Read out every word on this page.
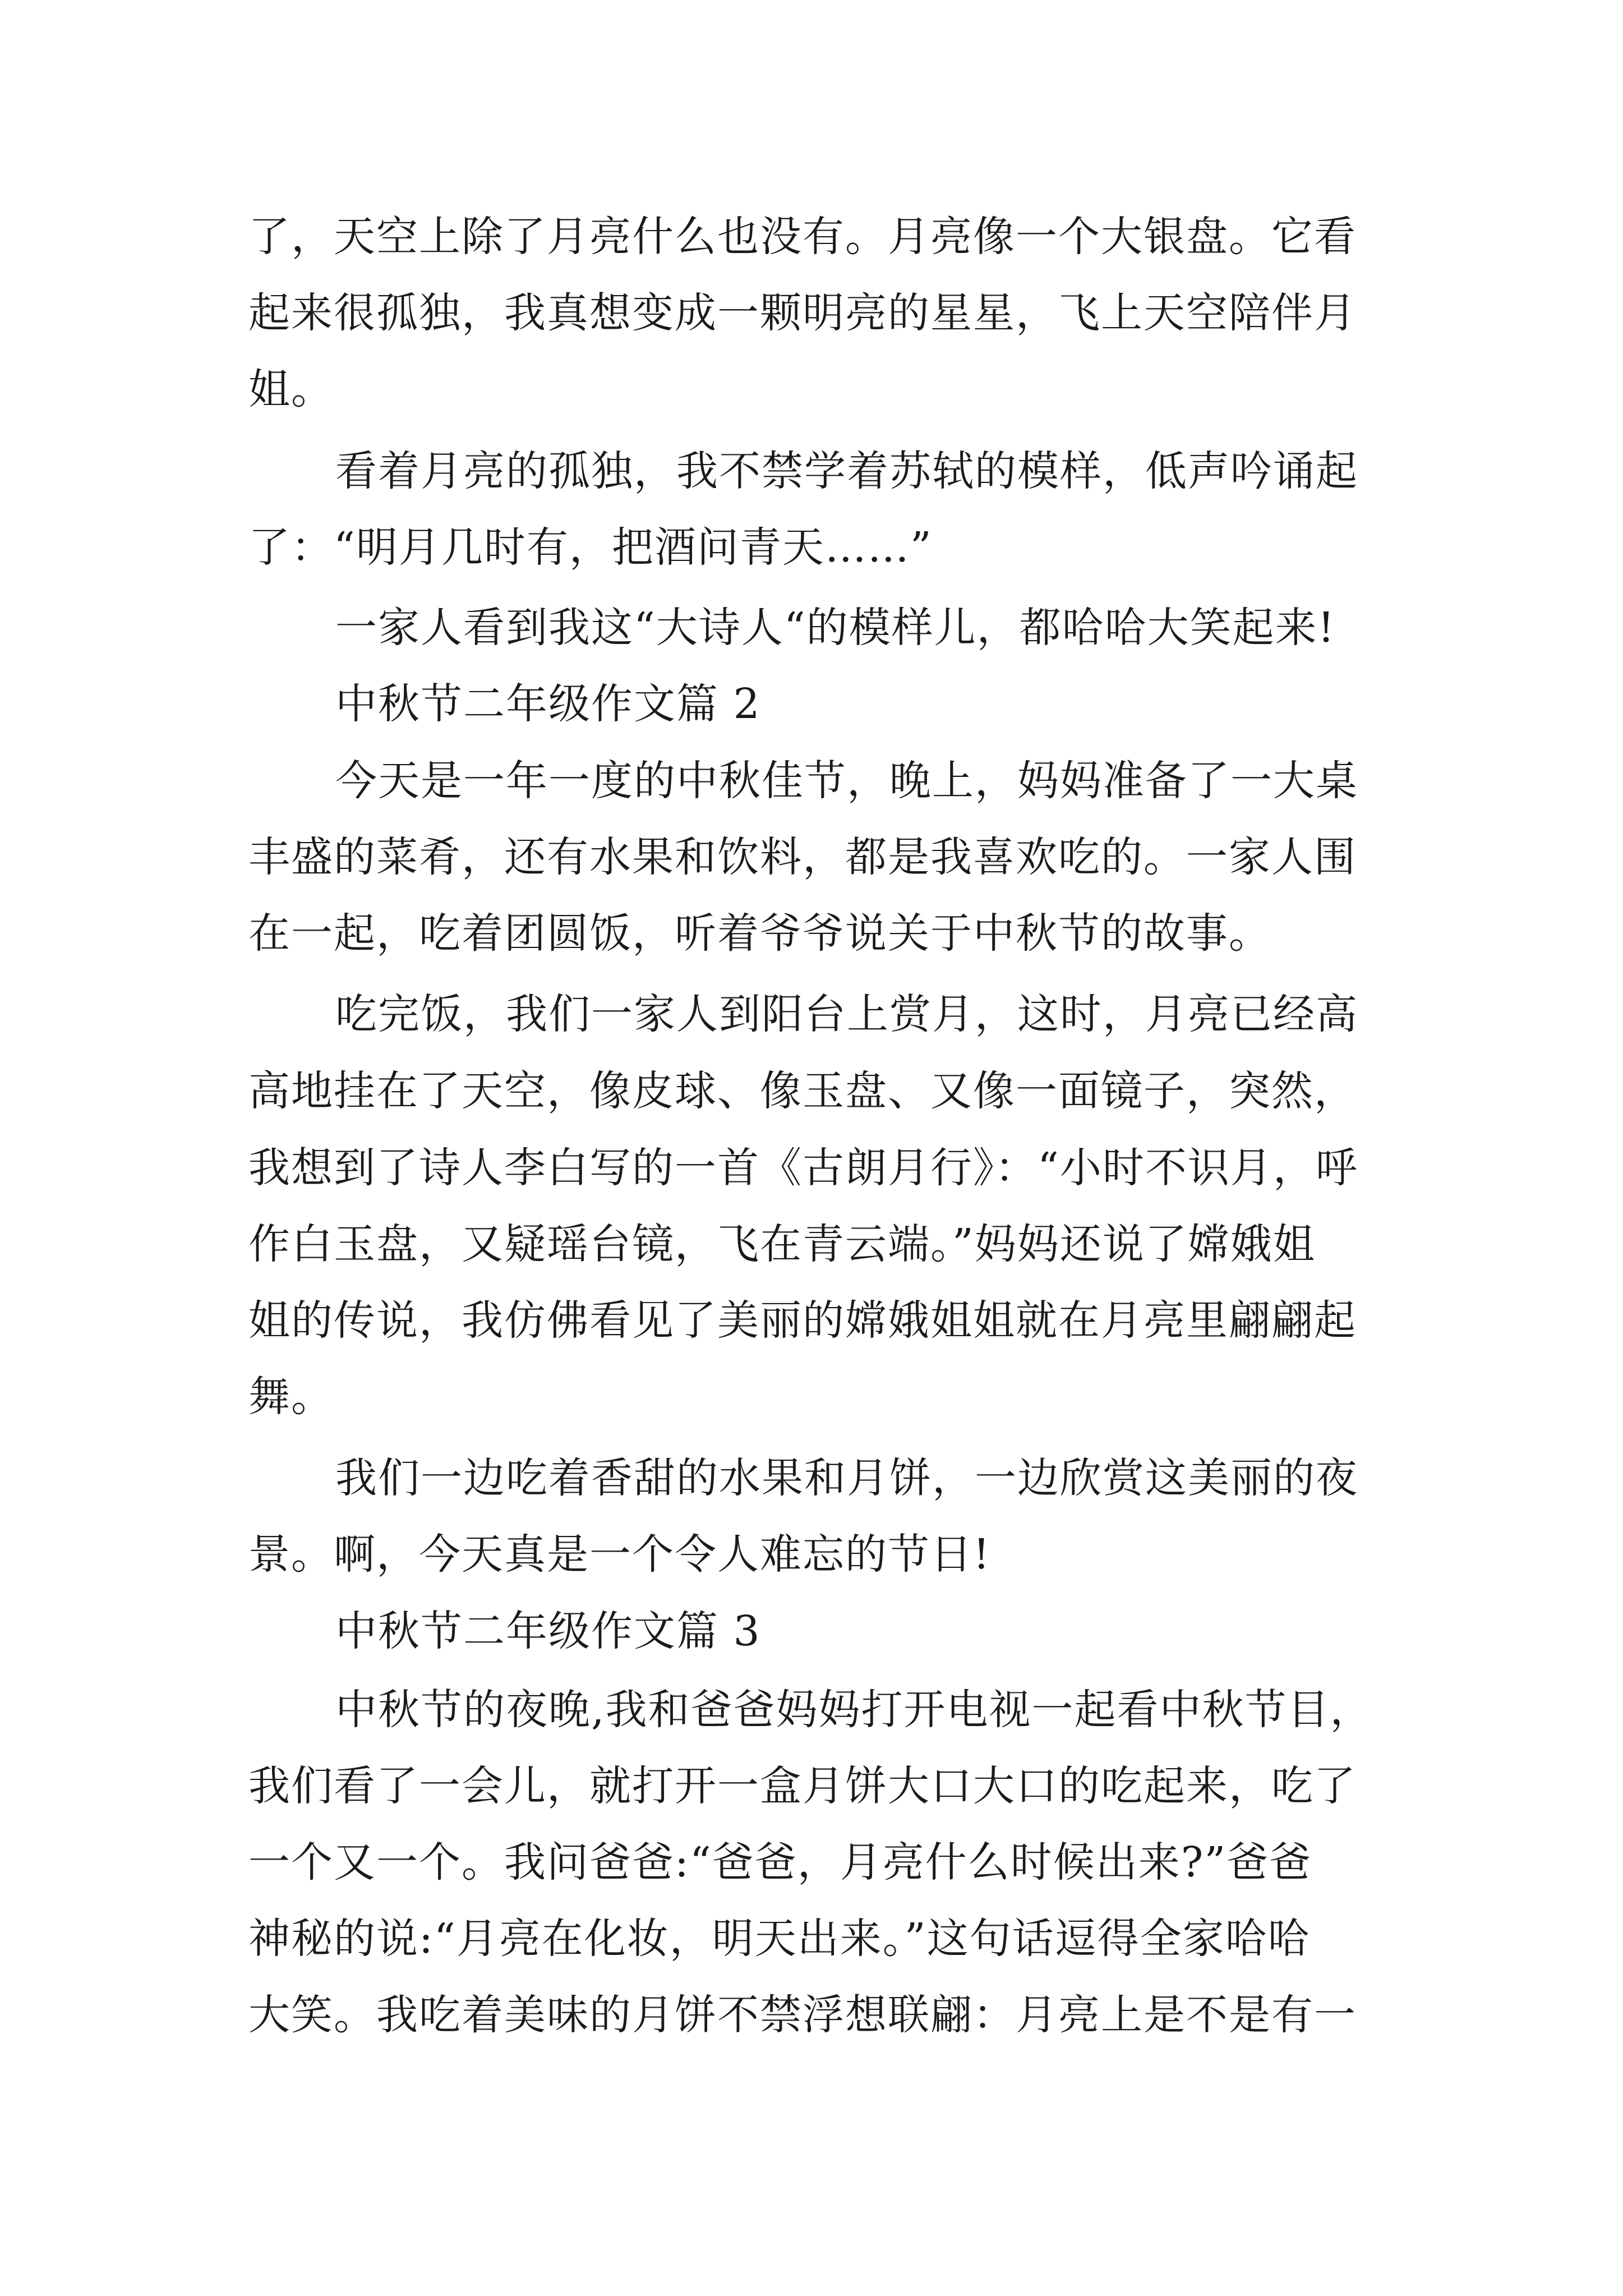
了，天空上除了月亮什么也没有。月亮像一个大银盘。它看
起来很孤独，我真想变成一颗明亮的星星，飞上天空陪伴月
姐。
看着月亮的孤独，我不禁学着苏轼的模样，低声吟诵起
了：“明月几时有，把酒问青天……”
一家人看到我这“大诗人“的模样儿，都哈哈大笑起来!
中秋节二年级作文篇 2
今天是一年一度的中秋佳节，晚上，妈妈准备了一大桌
丰盛的菜肴，还有水果和饮料，都是我喜欢吃的。一家人围
在一起，吃着团圆饭，听着爷爷说关于中秋节的故事。
吃完饭，我们一家人到阳台上赏月，这时，月亮已经高
高地挂在了天空，像皮球、像玉盘、又像一面镜子，突然，
我想到了诗人李白写的一首《古朗月行》：“小时不识月，呼
作白玉盘，又疑瑶台镜，飞在青云端。”妈妈还说了嫦娥姐
姐的传说，我仿佛看见了美丽的嫦娥姐姐就在月亮里翩翩起
舞。
我们一边吃着香甜的水果和月饼，一边欣赏这美丽的夜
景。啊，今天真是一个令人难忘的节日!
中秋节二年级作文篇 3
中秋节的夜晚,我和爸爸妈妈打开电视一起看中秋节目，
我们看了一会儿，就打开一盒月饼大口大口的吃起来，吃了
一个又一个。我问爸爸:“爸爸，月亮什么时候出来?”爸爸
神秘的说:“月亮在化妆，明天出来。”这句话逗得全家哈哈
大笑。我吃着美味的月饼不禁浮想联翩：月亮上是不是有一
